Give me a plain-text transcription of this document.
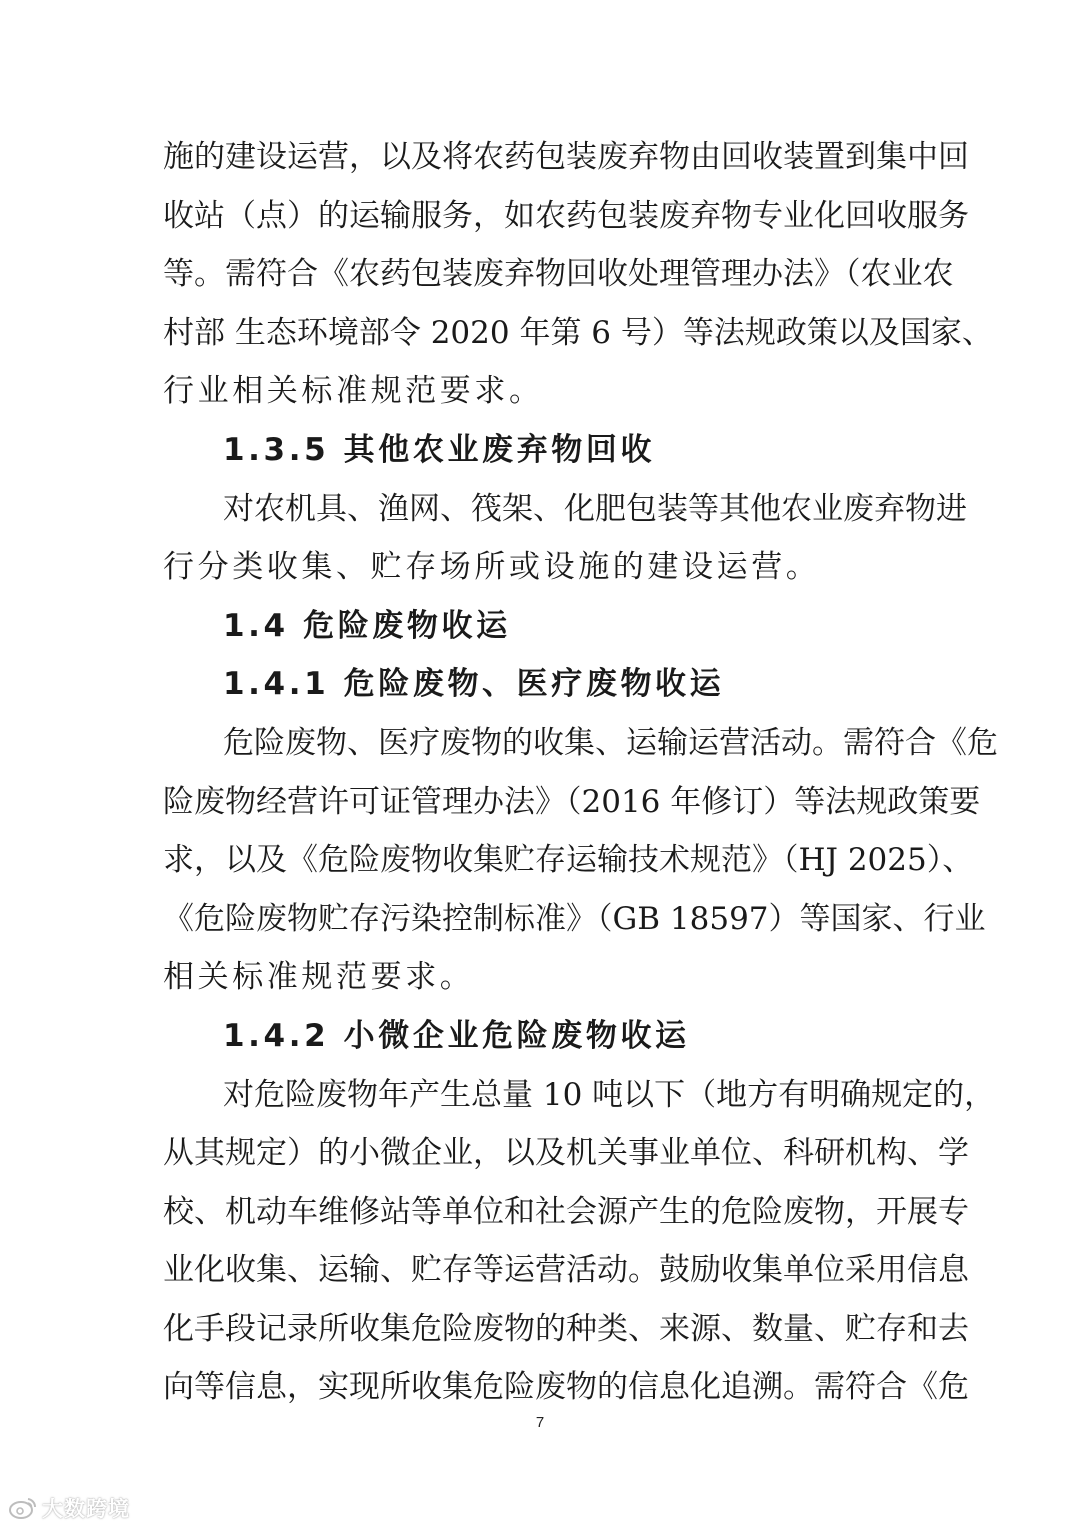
施的建设运营，以及将农药包装废弃物由回收装置到集中回
收站（点）的运输服务，如农药包装废弃物专业化回收服务
等。需符合《农药包装废弃物回收处理管理办法》（农业农
村部 生态环境部令 2020 年第 6 号）等法规政策以及国家、
行业相关标准规范要求。
1.3.5 其他农业废弃物回收
对农机具、渔网、筏架、化肥包装等其他农业废弃物进
行分类收集、贮存场所或设施的建设运营。
1.4 危险废物收运
1.4.1 危险废物、医疗废物收运
危险废物、医疗废物的收集、运输运营活动。需符合《危
险废物经营许可证管理办法》（2016 年修订）等法规政策要
求，以及《危险废物收集贮存运输技术规范》（HJ 2025）、
《危险废物贮存污染控制标准》（GB 18597）等国家、行业
相关标准规范要求。
1.4.2 小微企业危险废物收运
对危险废物年产生总量 10 吨以下（地方有明确规定的，
从其规定）的小微企业，以及机关事业单位、科研机构、学
校、机动车维修站等单位和社会源产生的危险废物，开展专
业化收集、运输、贮存等运营活动。鼓励收集单位采用信息
化手段记录所收集危险废物的种类、来源、数量、贮存和去
向等信息，实现所收集危险废物的信息化追溯。需符合《危
7
大数跨境
